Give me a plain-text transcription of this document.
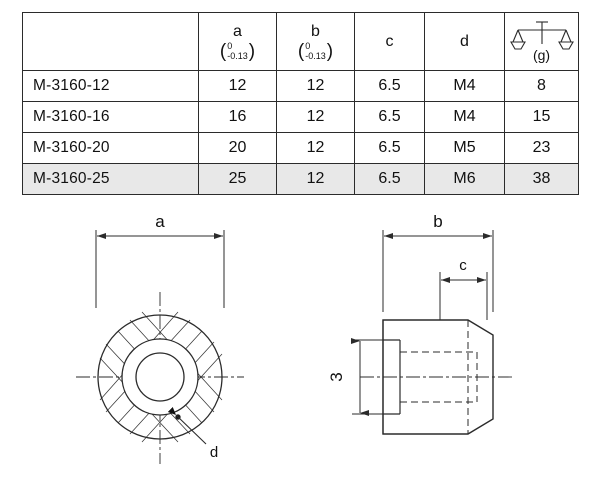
	a
( 0
-0.13 )	b
( 0
-0.13 )	c	d	(g)

M-3160-12	12	12	6.5	M4	8
M-3160-16	16	12	6.5	M4	15
M-3160-20	20	12	6.5	M5	23
M-3160-25	25	12	6.5	M6	38
a
d
b
c
3
